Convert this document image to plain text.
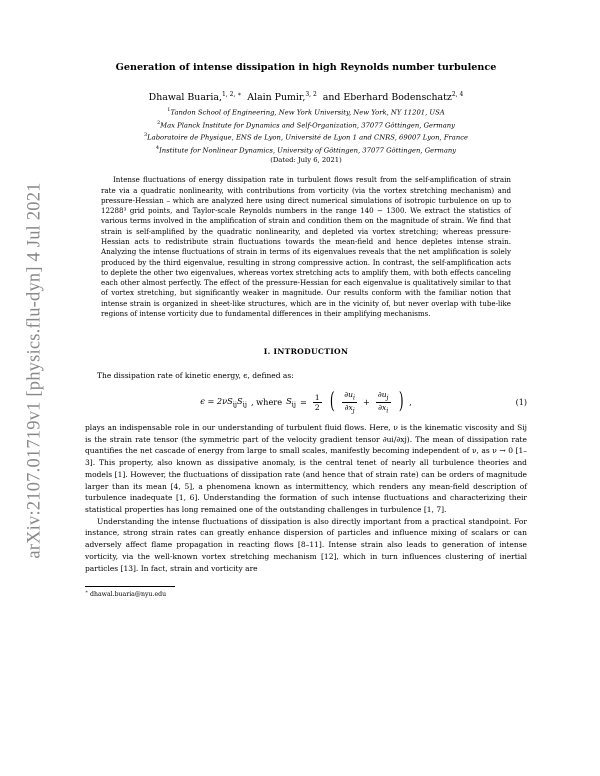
arXiv:2107.01719v1 [physics.flu-dyn] 4 Jul 2021
Generation of intense dissipation in high Reynolds number turbulence
Dhawal Buaria,$^{1, 2, ∗}$ Alain Pumir,$^{3, 2}$ and Eberhard Bodenschatz$^{2, 4}$
$^1$Tandon School of Engineering, New York University, New York, NY 11201, USA
$^2$Max Planck Institute for Dynamics and Self-Organization, 37077 Göttingen, Germany
$^3$Laboratoire de Physique, ENS de Lyon, Université de Lyon 1 and CNRS, 69007 Lyon, France
$^4$Institute for Nonlinear Dynamics, University of Göttingen, 37077 Göttingen, Germany
(Dated: July 6, 2021)

Intense fluctuations of energy dissipation rate in turbulent flows result from the self-amplification of strain rate via a quadratic nonlinearity, with contributions from vorticity (via the vortex stretching mechanism) and pressure-Hessian – which are analyzed here using direct numerical simulations of isotropic turbulence on up to 12288³ grid points, and Taylor-scale Reynolds numbers in the range 140 − 1300. We extract the statistics of various terms involved in the amplification of strain and condition them on the magnitude of strain. We find that strain is self-amplified by the quadratic nonlinearity, and depleted via vortex stretching; whereas pressure-Hessian acts to redistribute strain fluctuations towards the mean-field and hence depletes intense strain. Analyzing the intense fluctuations of strain in terms of its eigenvalues reveals that the net amplification is solely produced by the third eigenvalue, resulting in strong compressive action. In contrast, the self-amplification acts to deplete the other two eigenvalues, whereas vortex stretching acts to amplify them, with both effects canceling each other almost perfectly. The effect of the pressure-Hessian for each eigenvalue is qualitatively similar to that of vortex stretching, but significantly weaker in magnitude. Our results conform with the familiar notion that intense strain is organized in sheet-like structures, which are in the vicinity of, but never overlap with tube-like regions of intense vorticity due to fundamental differences in their amplifying mechanisms.

I. INTRODUCTION

The dissipation rate of kinetic energy, ϵ, defined as:

$\epsilon = 2\nu S_{ij}S_{ij}$ , where $S_{ij} = \frac{1}{2}$ ( $\frac{\partial u_i}{\partial x_j} + \frac{\partial u_j}{\partial x_i}$ ) ,	(1)

plays an indispensable role in our understanding of turbulent fluid flows. Here, ν is the kinematic viscosity and Sij is the strain rate tensor (the symmetric part of the velocity gradient tensor ∂ui/∂xj). The mean of dissipation rate quantifies the net cascade of energy from large to small scales, manifestly becoming independent of ν, as ν → 0 [1–3]. This property, also known as dissipative anomaly, is the central tenet of nearly all turbulence theories and models [1]. However, the fluctuations of dissipation rate (and hence that of strain rate) can be orders of magnitude larger than its mean [4, 5], a phenomena known as intermittency, which renders any mean-field description of turbulence inadequate [1, 6]. Understanding the formation of such intense fluctuations and characterizing their statistical properties has long remained one of the outstanding challenges in turbulence [1, 7].

Understanding the intense fluctuations of dissipation is also directly important from a practical standpoint. For instance, strong strain rates can greatly enhance dispersion of particles and influence mixing of scalars or can adversely affect flame propagation in reacting flows [8–11]. Intense strain also leads to generation of intense vorticity, via the well-known vortex stretching mechanism [12], which in turn influences clustering of inertial particles [13]. In fact, strain and vorticity are

∗ dhawal.buaria@nyu.edu
